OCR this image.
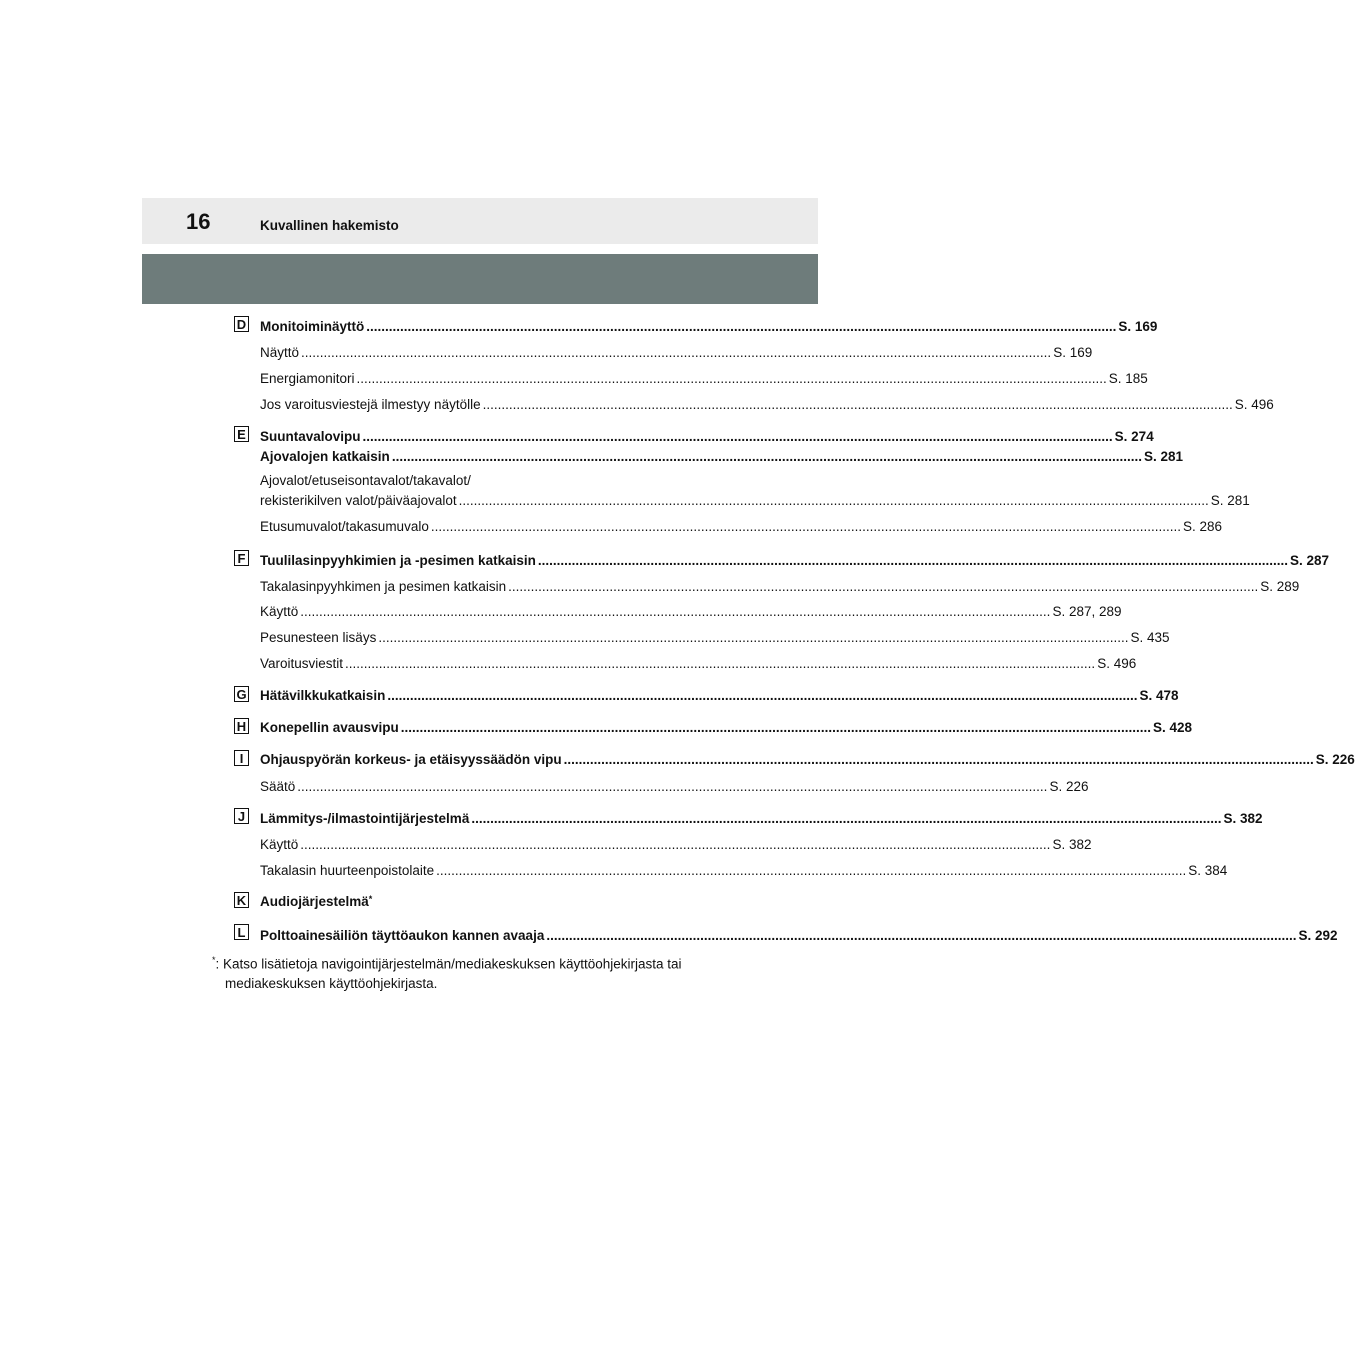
16	Kuvallinen hakemisto
D Monitoiminäyttö ........................................................................................................................................................................................................ S. 169
Näyttö ........................................................................................................................................................................................................ S. 169
Energiamonitori ........................................................................................................................................................................................................ S. 185
Jos varoitusviestejä ilmestyy näytölle ........................................................................................................................................................................................................ S. 496
E Suuntavalovipu ........................................................................................................................................................................................................ S. 274
Ajovalojen katkaisin ........................................................................................................................................................................................................ S. 281
Ajovalot/etuseisontavalot/takavalot/
rekisterikilven valot/päiväajovalot ........................................................................................................................................................................................................ S. 281
Etusumuvalot/takasumuvalo ........................................................................................................................................................................................................ S. 286
F Tuulilasinpyyhkimien ja -pesimen katkaisin ........................................................................................................................................................................................................ S. 287
Takalasinpyyhkimen ja pesimen katkaisin ........................................................................................................................................................................................................ S. 289
Käyttö ........................................................................................................................................................................................................ S. 287, 289
Pesunesteen lisäys ........................................................................................................................................................................................................ S. 435
Varoitusviestit ........................................................................................................................................................................................................ S. 496
G Hätävilkkukatkaisin ........................................................................................................................................................................................................ S. 478
H Konepellin avausvipu ........................................................................................................................................................................................................ S. 428
I	Ohjauspyörän korkeus- ja etäisyyssäädön vipu ........................................................................................................................................................................................................ S. 226
Säätö ........................................................................................................................................................................................................ S. 226
J Lämmitys-/ilmastointijärjestelmä ........................................................................................................................................................................................................ S. 382
Käyttö ........................................................................................................................................................................................................ S. 382
Takalasin huurteenpoistolaite ........................................................................................................................................................................................................ S. 384
K Audiojärjestelmä*
L Polttoainesäiliön täyttöaukon kannen avaaja ........................................................................................................................................................................................................ S. 292
*: Katso lisätietoja navigointijärjestelmän/mediakeskuksen käyttöohjekirjasta tai
mediakeskuksen käyttöohjekirjasta.
